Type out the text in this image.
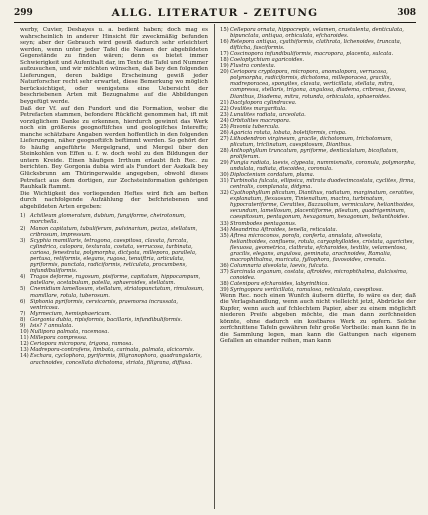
299	ALLG. LITERATUR - ZEITUNG	308

werby, Cuvier, Deshayes u. a. bedient haben; doch mag es wahrscheinlich in anderer Hinsicht für zweckmäßig befunden seyn; aber der Gebrauch wird gewiß dadurch sehr erleichtert werden, wenn unter jeder Tafel die Namen der abgebildeten Gegenstände zu finden wären; denn es bietet immer Schwierigkeit und Aufenthalt dar, im Texte die Tafel und Nummer aufzusuchen, und wir möchten wünschen, daß bey den folgenden Lieferungen, deren baldige Erscheinung gewiß jeder Naturforscher recht sehr erwartet, diese Bemerkung wo möglich berücksichtiget, oder wenigstens eine Uebersicht der beschriebenen Arten mit Bezugnahme auf die Abbildungen beygefügt werde.

Daß der Vf. auf den Fundort und die Formation, woher die Petrefacten stammen, befondere Rückficht genommen hat, ift mit vorzüglichem Danke zu erkennen, hierdurch gewinnt das Werk noch ein größeres geognoftifches und geologifches Intereffe; manche schätzbare Angaben werden hoffentlich in den folgenden Lieferungen, näher geognoftifch beftimmt werden. So gehört der fo häufig angeführte Mergelgrand, und Mergel über den Steinkohlen von Effen u. f. w. doch wohl zu den Bildungen der untern Kreide. Einen häufigen Irrthum erlaubt fich Rec. zu berichten. Bey Gorgonia dubia wird als Fundort der Aszkalk bey Glücksbrunn am Thüringerwalde angegeben, obwohl dieses Petrefact aus dem dortigen, zur Zechsteinformation gehörigen Rauhkalk ftammt.

Die Wichtigkeit des vorliegenden Heftes wird fich am beften durch nachfolgende Aufzählung der befchriebenen und abgebildeten Arten ergeben:

1) Achilleum glomeratum, dubium, fungiforme, cheirotonum, morchella.
2) Manon capitatum, tubuliferum, pulvinarium, peziza, stellatum, cribrosum, impressum.
3) Scyphia mamillaris, tetragona, caespitosa, clavata, furcata, cylindrica, calopora, texturata, costata, verrucosa, turbinata, cariosa, fenestrata, polymorpha, dictyota, millepora, parallela, pertusa, retiformis, elegans, rugosa, tenuiftria, articulata, pyriformis, punctata, radiciformis, reticulata, procumbens, infundibuliformis.
4) Tragos deforme, rugosum, pisiforme, capitatum, hippocampum, patellare, acetabulum, patella, sphaeroides, stellatum.
5) Cnemidium lamellosum, stellatum, striatopunctatum, rimulosum, mamillare, rotula, tuberosum.
6) Siphonia pyriformis, cervicornis, praemorsa incrassata, ventricosa.
7) Myrmecium, hemisphaericum.
8) Gorgonia dubia, ripisformis, bacillaris, infundibuliformis.
9) Isis? ? annulata.
10) Nullipora palmata, racemosa.
11) Millepora compressa.
12) Ceriopora micropora, trigona, ramosa.
13) Madrepora-controfens, limbata, carinata, palmata, alcicornis.
14) Eschara, cyclophora, pyriformis, filigranophora, quadrangularis, arachnoides, concellata dichotoma, striata, filigrana, diffusa.
15) Cellepora ornata, hippocrepis, velamen, crustulenta, denticulata, bipunctata, antiqua, orbiculata, efcharoides.
16) Retepora antiqua, cyathiformis, clathrata, lichenoides, truncata, difticha, fasciformis.
17) Coscinopora infundibuliformis, macropora, placenta, sulcata.
18) Coeloptychium agaricoides.
19) Flustra contexta.
20) Ceriopora cryptopora, micropora, anomalopora, verrucosa, polymorpha, radiciformis, dichotoma, milleporacea, gracilis, madreporacea, spongites, clavata, verticillata, stellata, mitra, compressa, stellaris, trigona, angulosa, diadema, cribrosa, favosa, Dianthus, Diadema, mitra, rotunda, orbiculata, sphaeroides.
21) Dactylopora cylindracea.
22) Ovulites margaritula.
23) Lunulites radiata, urceolata.
24) Orbitolites macropora.
25) Pavonia tubercula.
26) Agaricia rotata, lobata, boletiformis, crispa.
27) Lithodendron virgineum, gracile, dichotomum, trichotomum, plicatum, triclinatum, caespitosum, Dianthus.
28) Anthophyllum truncatum, pyriforme, denticulatum, bicoflatum, proliferum.
29) Fungia radiata, laevis, clypeata, nummismalis, coronula, polymorpha, undulata, radiata, discoidea, coronula.
30) Diploctenium cordatum, pluma.
31) Turbinolia fulcata, ellipsica, mitrata duodecimcostata, cyclites, firma, centralis, complanata, didyma.
32) Cyathophyllum plicatum, Dianthus, radiatum, marginatum, ceratites, explanatum, flexuosum, Tinienaltum, mactra, turbinatum, hypocrateriforme, Ceratites, Bazzuolium, vermiculare, helianthoides, secundum, lamellosum, placentiforme, pileatum, quadrigeminum, caespitosum, pentagonum, hexagonum, hexagonum, helianthoides.
33) Strombodes pentagonus.
34) Meandrina Aftroides, tenella, reticulata.
35) Aftrea microconos, porofa, conferta, annulata, aliveolata, helianthoides, confluens, rotula, caryophylloides, cristata, agaricites, flexuosa, geometrica, clathrata, efcharoides, textilis, velamentosa, gracilis, elegans, angulosa, geminata, arachnoides, Ramalia, macrophthalma, muricata, fyllophora, favosoides, crenata.
36) Columnaria alveolata, laevis, fulcata.
37) Sarcinula organum, costata, aftroides, microphthalma, dulcissima, conoidea.
38) Catenipora efcharoides, labyrinthica.
39) Syringopora verticillata, ramulosa, reticulata, caespitosa.

Wenn Rec. noch einen Wunfch äufsern dürfte, fo wäre es der, daß die Verlagshandlung, wenn auch nicht vielleicht jetzt, Abdrücke der Kupfer, wenn auch auf fchlechtem Papier, aber zu einem möglichft niederen Preife abgeben möchte, die man dann zerfchneiden könnte, ohne dadurch ein kostbares Werk zu opfern. Solche zerfchnittene Tafeln gewähren fehr große Vortheile: man kann fie in die Sammlung legen, man kann die Gattungen nach eigenem Gefallen an einander reihen, man kann
